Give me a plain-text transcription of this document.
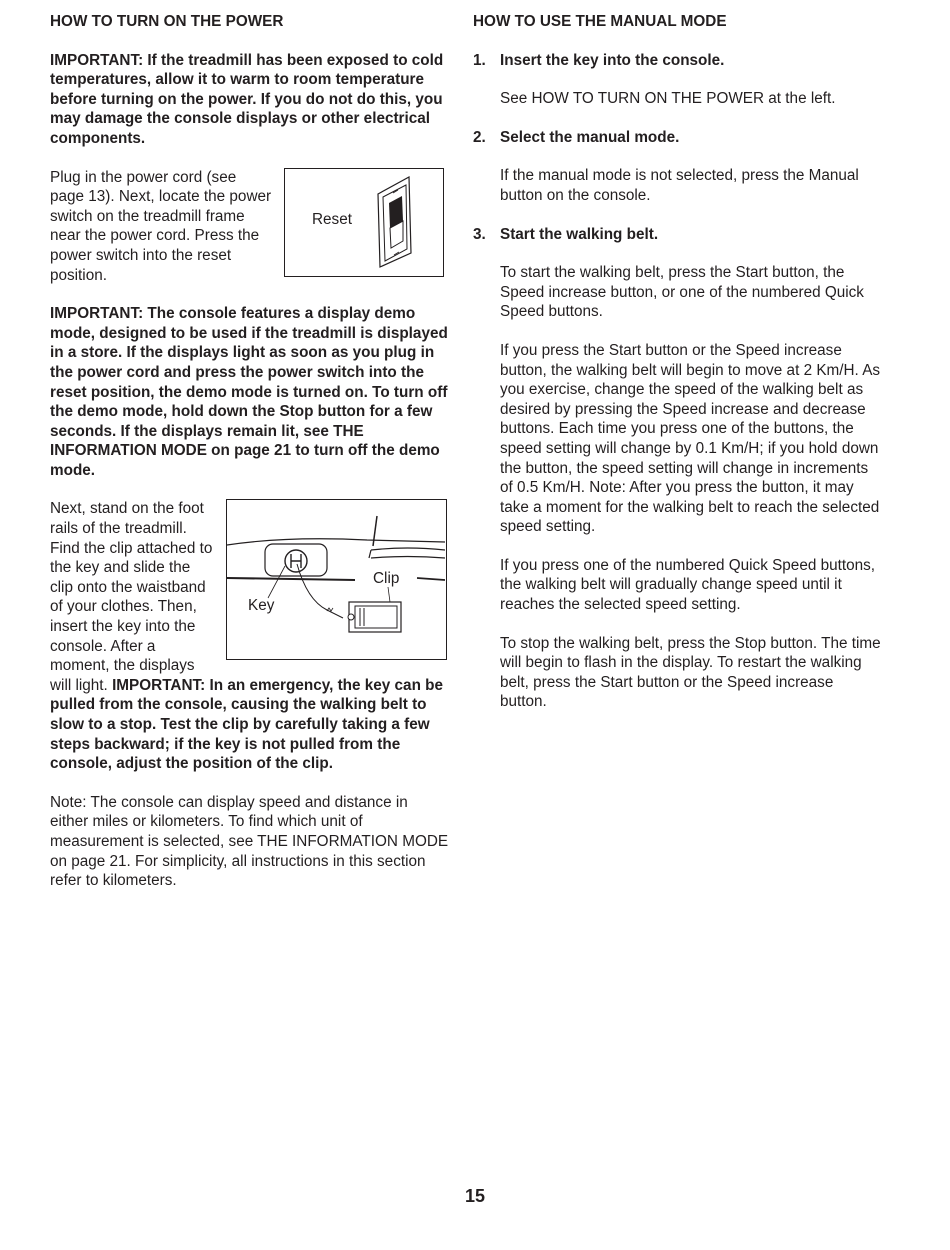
HOW TO TURN ON THE POWER

IMPORTANT: If the treadmill has been exposed to cold temperatures, allow it to warm to room temperature before turning on the power. If you do not do this, you may damage the console displays or other electrical components.

Reset

Plug in the power cord (see page 13). Next, locate the power switch on the treadmill frame near the power cord. Press the power switch into the reset position.

IMPORTANT: The console features a display demo mode, designed to be used if the treadmill is displayed in a store. If the displays light as soon as you plug in the power cord and press the power switch into the reset position, the demo mode is turned on. To turn off the demo mode, hold down the Stop button for a few seconds. If the displays remain lit, see THE INFORMATION MODE on page 21 to turn off the demo mode.

Key
Clip

Next, stand on the foot rails of the treadmill. Find the clip attached to the key and slide the clip onto the waistband of your clothes. Then, insert the key into the console. After a moment, the displays will light. IMPORTANT: In an emergency, the key can be pulled from the console, causing the walking belt to slow to a stop. Test the clip by carefully taking a few steps backward; if the key is not pulled from the console, adjust the position of the clip.

Note: The console can display speed and distance in either miles or kilometers. To find which unit of measurement is selected, see THE INFORMATION MODE on page 21. For simplicity, all instructions in this section refer to kilometers.

HOW TO USE THE MANUAL MODE
1. Insert the key into the console.

See HOW TO TURN ON THE POWER at the left.

2. Select the manual mode.

If the manual mode is not selected, press the Manual button on the console.

3. Start the walking belt.

To start the walking belt, press the Start button, the Speed increase button, or one of the numbered Quick Speed buttons.

If you press the Start button or the Speed increase button, the walking belt will begin to move at 2 Km/H. As you exercise, change the speed of the walking belt as desired by pressing the Speed increase and decrease buttons. Each time you press one of the buttons, the speed setting will change by 0.1 Km/H; if you hold down the button, the speed setting will change in increments of 0.5 Km/H. Note: After you press the button, it may take a moment for the walking belt to reach the selected speed setting.

If you press one of the numbered Quick Speed buttons, the walking belt will gradually change speed until it reaches the selected speed setting.

To stop the walking belt, press the Stop button. The time will begin to flash in the display. To restart the walking belt, press the Start button or the Speed increase button.

15
